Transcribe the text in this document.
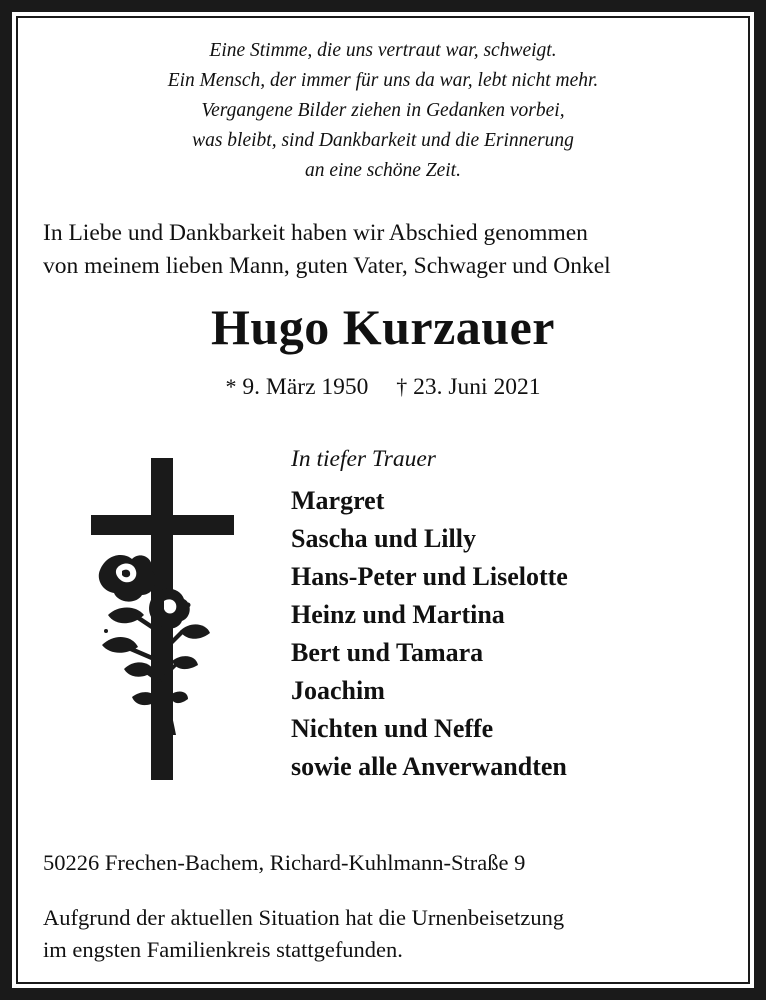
Eine Stimme, die uns vertraut war, schweigt.
Ein Mensch, der immer für uns da war, lebt nicht mehr.
Vergangene Bilder ziehen in Gedanken vorbei,
was bleibt, sind Dankbarkeit und die Erinnerung
an eine schöne Zeit.
In Liebe und Dankbarkeit haben wir Abschied genommen
von meinem lieben Mann, guten Vater, Schwager und Onkel
Hugo Kurzauer
* 9. März 1950 † 23. Juni 2021
In tiefer Trauer
Margret
Sascha und Lilly
Hans-Peter und Liselotte
Heinz und Martina
Bert und Tamara
Joachim
Nichten und Neffe
sowie alle Anverwandten
50226 Frechen-Bachem, Richard-Kuhlmann-Straße 9
Aufgrund der aktuellen Situation hat die Urnenbeisetzung
im engsten Familienkreis stattgefunden.
